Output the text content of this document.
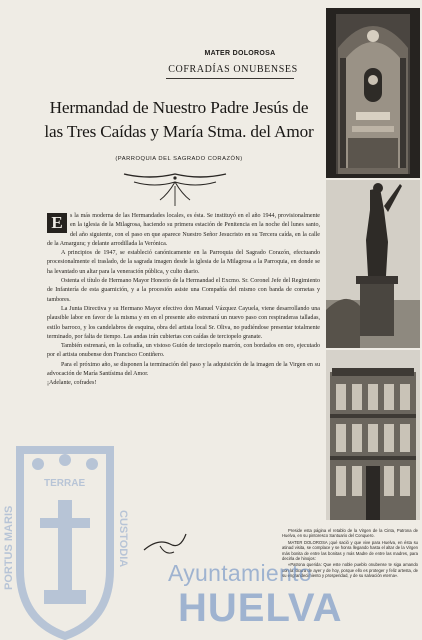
MATER DOLOROSA
COFRADÍAS ONUBENSES
Hermandad de Nuestro Padre Jesús de
las Tres Caídas y María Stma. del Amor
(PARROQUIA DEL SAGRADO CORAZÓN)

E	s la más moderna de las Hermandades locales, es ésta. Se instituyó en el año 1944, provisionalmente en la iglesia de la Milagrosa, haciendo su primera estación de Penitencia en la noche del lunes santo, del año siguiente, con el paso en que aparece Nuestro Señor Jesucristo en su Tercera caída, en la calle de la Amargura; y delante arrodillada la Verónica.

A principios de 1947, se estableció canónicamente en la Parroquia del Sagrado Corazón, efectuando procesionalmente el traslado, de la sagrada imagen desde la iglesia de la Milagrosa a la Parroquia, en donde se ha levantado un altar para la veneración pública, y culto diario.

Ostenta el título de Hermano Mayor Honorio de la Hermandad el Excmo. Sr. Coronel Jefe del Regimiento de Infantería de esta guarnición, y a la procesión asiste una Compañía del mismo con banda de cornetas y tambores.

La Junta Directiva y su Hermano Mayor efectivo don Manuel Vázquez Cayuela, viene desarrollando una plausible labor en favor de la misma y en en el presente año estrenará un nuevo paso con respiraderas talladas, estilo barroco, y los candelabros de esquina, obra del artista local Sr. Oliva, no pudiéndose presentar totalmente terminado, por falta de tiempo. Las andas irán cubiertas con caídas de terciopelo granate.

También estrenará, en la cofradía, un vistoso Guión de terciopelo marrón, con bordados en oro, ejecutado por el artista onubense don Francisco Contiñero.

Para el próximo año, se disponen la terminación del paso y la adquisición de la imagen de la Virgen en su advocación de María Santísima del Amor.

¡Adelante, cofrades!

Preside esta página el retablo de la Virgen de la Cinta, Patrona de Huelva, en su pintoresco Santuario del Conquero.

MATER DOLOROSA ¡qué sació y que vive para Huelva, en ésta su atinad visita, se complace y se honra llegando hasta el altar de la Virgen más bonita de entre las bonitas y más Madre de entre las madres, para decirla de hinojos:

«Patrona querida: Que este noble pueblo onubense te siga amando con la locura de ayer y de hoy, porque ello es proteger y feliz artesta, de su engrandecimiento y prosperidad, y de su salvación eterna».

PORTUS MARIS	CUSTODIA
TERRAE
Ayuntamiento
HUELVA
